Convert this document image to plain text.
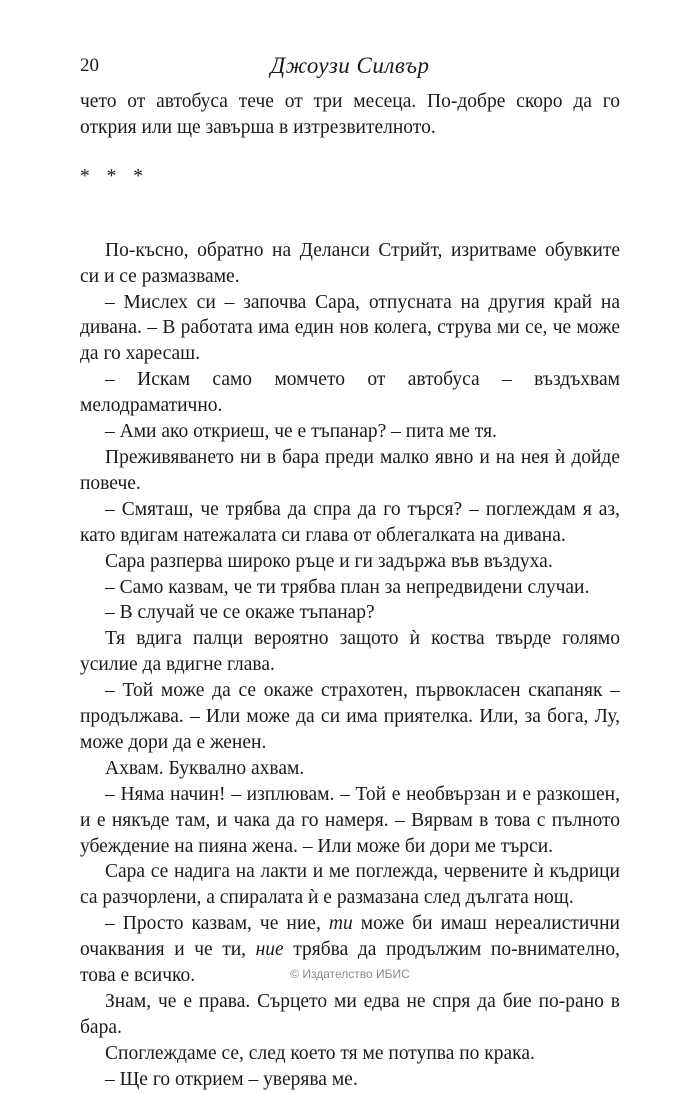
20	Джоузи Силвър

чето от автобуса тече от три месеца. По-добре скоро да го открия или ще завърша в изтрезвителното.

* * *

По-късно, обратно на Деланси Стрийт, изритваме обувките си и се размазваме.

– Мислех си – започва Сара, отпусната на другия край на дивана. – В работата има един нов колега, струва ми се, че може да го харесаш.

– Искам само момчето от автобуса – въздъхвам мелодраматично.

– Ами ако откриеш, че е тъпанар? – пита ме тя.

Преживяването ни в бара преди малко явно и на нея ѝ дойде повече.

– Смяташ, че трябва да спра да го търся? – поглеждам я аз, като вдигам натежалата си глава от облегалката на дивана.

Сара разперва широко ръце и ги задържа във въздуха.

– Само казвам, че ти трябва план за непредвидени случаи.

– В случай че се окаже тъпанар?

Тя вдига палци вероятно защото ѝ коства твърде голямо усилие да вдигне глава.

– Той може да се окаже страхотен, първокласен скапаняк – продължава. – Или може да си има приятелка. Или, за бога, Лу, може дори да е женен.

Ахвам. Буквално ахвам.

– Няма начин! – изплювам. – Той е необвързан и е разкошен, и е някъде там, и чака да го намеря. – Вярвам в това с пълното убеждение на пияна жена. – Или може би дори ме търси.

Сара се надига на лакти и ме поглежда, червените ѝ къдрици са разчорлени, а спиралата ѝ е размазана след дългата нощ.

– Просто казвам, че ние, ти може би имаш нереалистични очаквания и че ти, ние трябва да продължим по-внимателно, това е всичко.

Знам, че е права. Сърцето ми едва не спря да бие по-рано в бара.

Споглеждаме се, след което тя ме потупва по крака.

– Ще го открием – уверява ме.

© Издателство ИБИС
